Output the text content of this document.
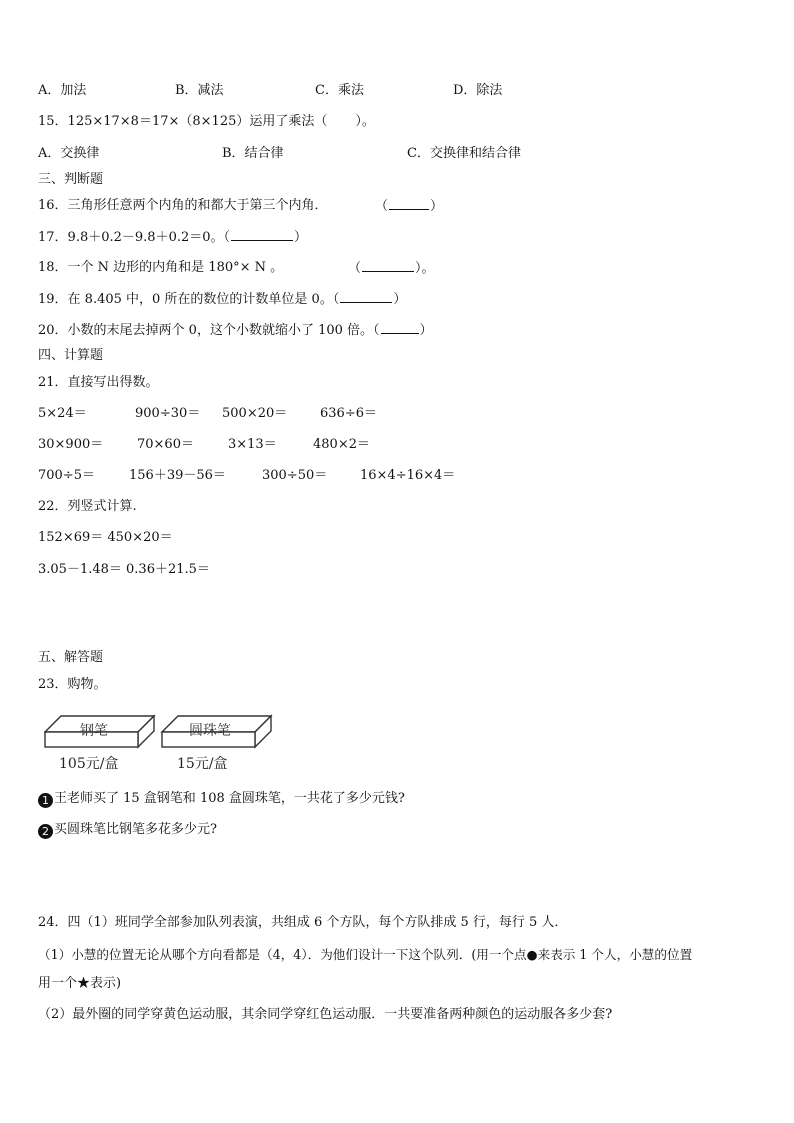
A．加法	B．减法	C．乘法	D．除法
15．125×17×8＝17×（8×125）运用了乘法（ ）。
A．交换律	B．结合律	C．交换律和结合律
三、判断题
16．三角形任意两个内角的和都大于第三个内角．	（	）
17．9.8＋0.2－9.8＋0.2＝0。（	）
18．一个 N 边形的内角和是 180°× N 。	（	）。
19．在 8.405 中，0 所在的数位的计数单位是 0。（	）
20．小数的末尾去掉两个 0，这个小数就缩小了 100 倍。（	）
四、计算题
21．直接写出得数。
5×24＝	900÷30＝ 500×20＝	636÷6＝
30×900＝	70×60＝	3×13＝	480×2＝
700÷5＝	156＋39－56＝	300÷50＝	16×4÷16×4＝
22．列竖式计算.
152×69＝ 450×20＝
3.05－1.48＝ 0.36＋21.5＝
五、解答题
23．购物。
钢笔	圆珠笔
105元/盒	15元/盒
1 王老师买了 15 盒钢笔和 108 盒圆珠笔，一共花了多少元钱?
2 买圆珠笔比钢笔多花多少元?
24．四（1）班同学全部参加队列表演，共组成 6 个方队，每个方队排成 5 行，每行 5 人．
（1）小慧的位置无论从哪个方向看都是（4，4）．为他们设计一下这个队列．(用一个点●来表示 1 个人，小慧的位置
用一个★表示)
（2）最外圈的同学穿黄色运动服，其余同学穿红色运动服．一共要准备两种颜色的运动服各多少套?
